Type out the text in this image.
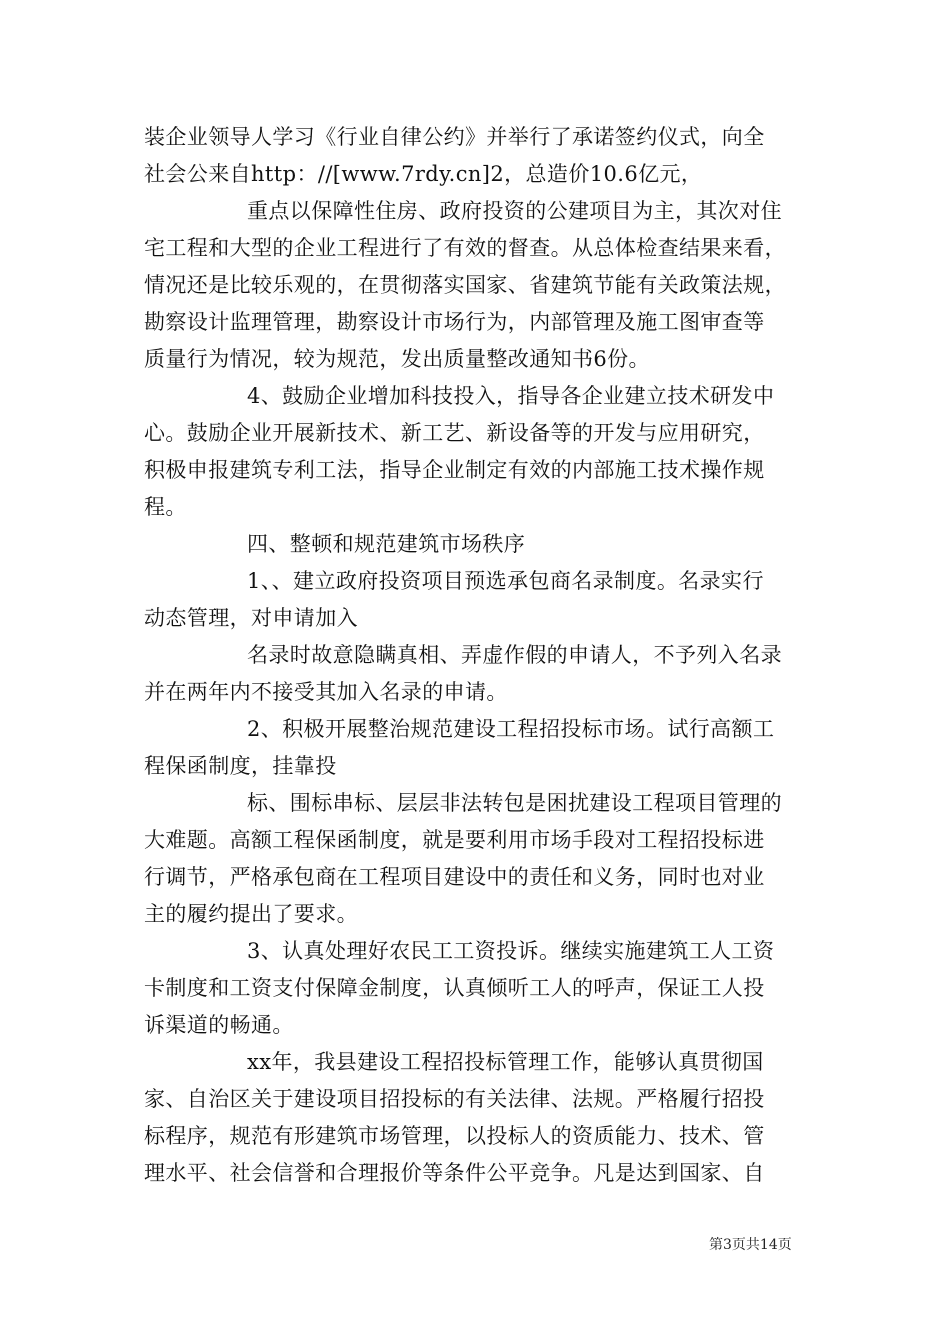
装企业领导人学习《行业自律公约》并举行了承诺签约仪式，向全
社会公来自http：//[www.7rdy.cn]2，总造价10.6亿元，
重点以保障性住房、政府投资的公建项目为主，其次对住
宅工程和大型的企业工程进行了有效的督查。从总体检查结果来看，
情况还是比较乐观的，在贯彻落实国家、省建筑节能有关政策法规，
勘察设计监理管理，勘察设计市场行为，内部管理及施工图审查等
质量行为情况，较为规范，发出质量整改通知书6份。
4、鼓励企业增加科技投入，指导各企业建立技术研发中
心。鼓励企业开展新技术、新工艺、新设备等的开发与应用研究，
积极申报建筑专利工法，指导企业制定有效的内部施工技术操作规
程。
四、整顿和规范建筑市场秩序
1、、建立政府投资项目预选承包商名录制度。名录实行
动态管理，对申请加入
名录时故意隐瞒真相、弄虚作假的申请人，不予列入名录
并在两年内不接受其加入名录的申请。
2、积极开展整治规范建设工程招投标市场。试行高额工
程保函制度，挂靠投
标、围标串标、层层非法转包是困扰建设工程项目管理的
大难题。高额工程保函制度，就是要利用市场手段对工程招投标进
行调节，严格承包商在工程项目建设中的责任和义务，同时也对业
主的履约提出了要求。
3、认真处理好农民工工资投诉。继续实施建筑工人工资
卡制度和工资支付保障金制度，认真倾听工人的呼声，保证工人投
诉渠道的畅通。
xx年，我县建设工程招投标管理工作，能够认真贯彻国
家、自治区关于建设项目招投标的有关法律、法规。严格履行招投
标程序，规范有形建筑市场管理，以投标人的资质能力、技术、管
理水平、社会信誉和合理报价等条件公平竞争。凡是达到国家、自
第3页共14页
